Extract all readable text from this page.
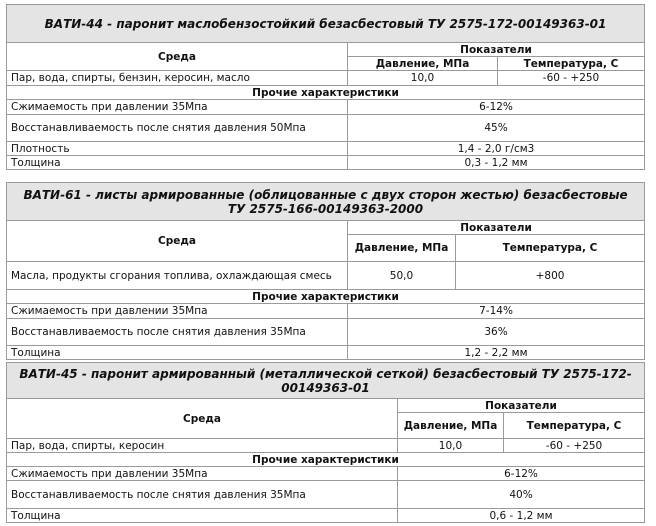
ВАТИ-44 - паронит маслобензостойкий безасбестовый ТУ 2575-172-00149363-01		
Среда	Показатели	
	Давление, МПа	Температура, С
Пар, вода, спирты, бензин, керосин, масло	10,0	-60 - +250
Прочие характеристики		
Сжимаемость при давлении 35Мпа	6-12%	
Восстанавливаемость после снятия давления 50Мпа	45%	
Плотность	1,4 - 2,0 г/см3	
Толщина	0,3 - 1,2 мм	
ВАТИ-61 - листы армированные (облицованные с двух сторон жестью) безасбестовые ТУ 2575-166-00149363-2000		
Среда	Показатели	
	Давление, МПа	Температура, С
Масла, продукты сгорания топлива, охлаждающая смесь	50,0	+800
Прочие характеристики		
Сжимаемость при давлении 35Мпа	7-14%	
Восстанавливаемость после снятия давления 35Мпа	36%	
Толщина	1,2 - 2,2 мм	
ВАТИ-45 - паронит армированный (металлической сеткой) безасбестовый ТУ 2575-172-00149363-01		
Среда	Показатели	
	Давление, МПа	Температура, С
Пар, вода, спирты, керосин	10,0	-60 - +250
Прочие характеристики		
Сжимаемость при давлении 35Мпа	6-12%	
Восстанавливаемость после снятия давления 35Мпа	40%	
Толщина	0,6 - 1,2 мм	
